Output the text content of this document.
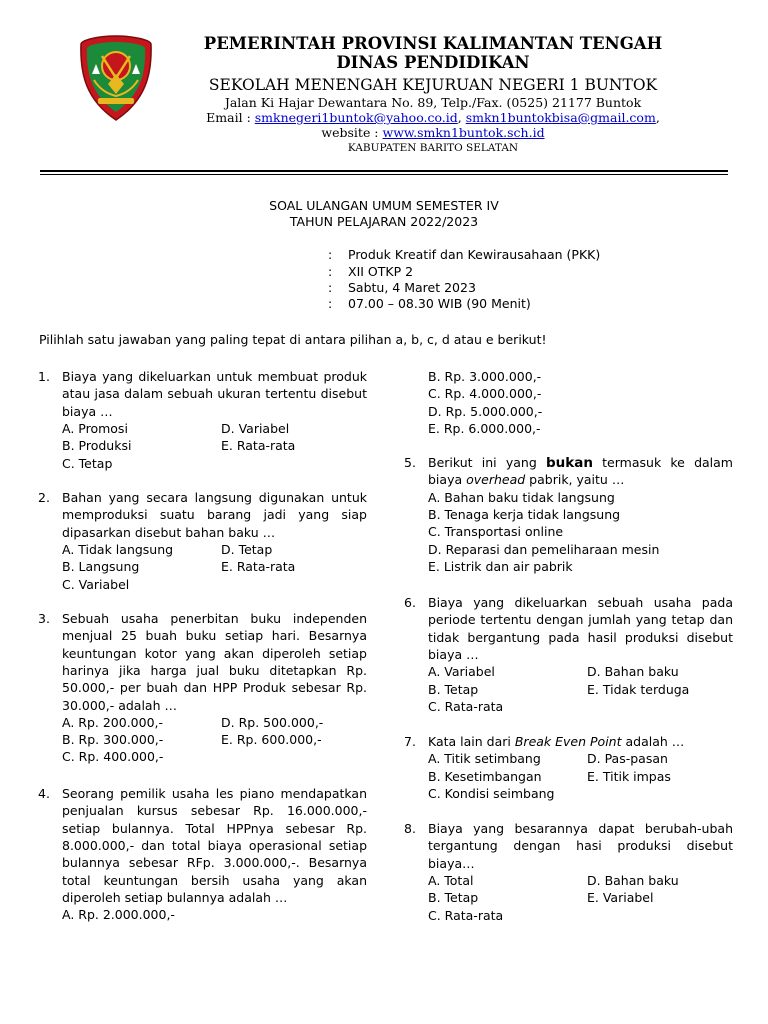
PEMERINTAH PROVINSI KALIMANTAN TENGAH
DINAS PENDIDIKAN
SEKOLAH MENENGAH KEJURUAN NEGERI 1 BUNTOK
Jalan Ki Hajar Dewantara No. 89, Telp./Fax. (0525) 21177 Buntok
Email : smknegeri1buntok@yahoo.co.id, smkn1buntokbisa@gmail.com,
website : www.smkn1buntok.sch.id
KABUPATEN BARITO SELATAN
SOAL ULANGAN UMUM SEMESTER IV
TAHUN PELAJARAN 2022/2023
: Produk Kreatif dan Kewirausahaan (PKK)
: XII OTKP 2
: Sabtu, 4 Maret 2023
: 07.00 – 08.30 WIB (90 Menit)
Pilihlah satu jawaban yang paling tepat di antara pilihan a, b, c, d atau e berikut!
1. Biaya yang dikeluarkan untuk membuat produk
atau jasa dalam sebuah ukuran tertentu disebut
biaya …
A. Promosi
B. Produksi
C. Tetap
D. Variabel
E. Rata-rata
2. Bahan yang secara langsung digunakan untuk
memproduksi suatu barang jadi yang siap
dipasarkan disebut bahan baku …
A. Tidak langsung
B. Langsung
C. Variabel
D. Tetap
E. Rata-rata
3. Sebuah usaha penerbitan buku independen
menjual 25 buah buku setiap hari. Besarnya
keuntungan kotor yang akan diperoleh setiap
harinya jika harga jual buku ditetapkan Rp.
50.000,- per buah dan HPP Produk sebesar Rp.
30.000,- adalah …
A. Rp. 200.000,-
B. Rp. 300.000,-
C. Rp. 400.000,-
D. Rp. 500.000,-
E. Rp. 600.000,-
4. Seorang pemilik usaha les piano mendapatkan
penjualan kursus sebesar Rp. 16.000.000,-
setiap bulannya. Total HPPnya sebesar Rp.
8.000.000,- dan total biaya operasional setiap
bulannya sebesar RFp. 3.000.000,-. Besarnya
total keuntungan bersih usaha yang akan
diperoleh setiap bulannya adalah …
A. Rp. 2.000.000,-
B. Rp. 3.000.000,-
C. Rp. 4.000.000,-
D. Rp. 5.000.000,-
E. Rp. 6.000.000,-
5. Berikut ini yang bukan termasuk ke dalam
biaya overhead pabrik, yaitu …
A. Bahan baku tidak langsung
B. Tenaga kerja tidak langsung
C. Transportasi online
D. Reparasi dan pemeliharaan mesin
E. Listrik dan air pabrik
6. Biaya yang dikeluarkan sebuah usaha pada
periode tertentu dengan jumlah yang tetap dan
tidak bergantung pada hasil produksi disebut
biaya …
A. Variabel
B. Tetap
C. Rata-rata
D. Bahan baku
E. Tidak terduga
7. Kata lain dari Break Even Point adalah …
A. Titik setimbang
B. Kesetimbangan
C. Kondisi seimbang
D. Pas-pasan
E. Titik impas
8. Biaya yang besarannya dapat berubah-ubah
tergantung dengan hasi produksi disebut
biaya…
A. Total
B. Tetap
C. Rata-rata
D. Bahan baku
E. Variabel
